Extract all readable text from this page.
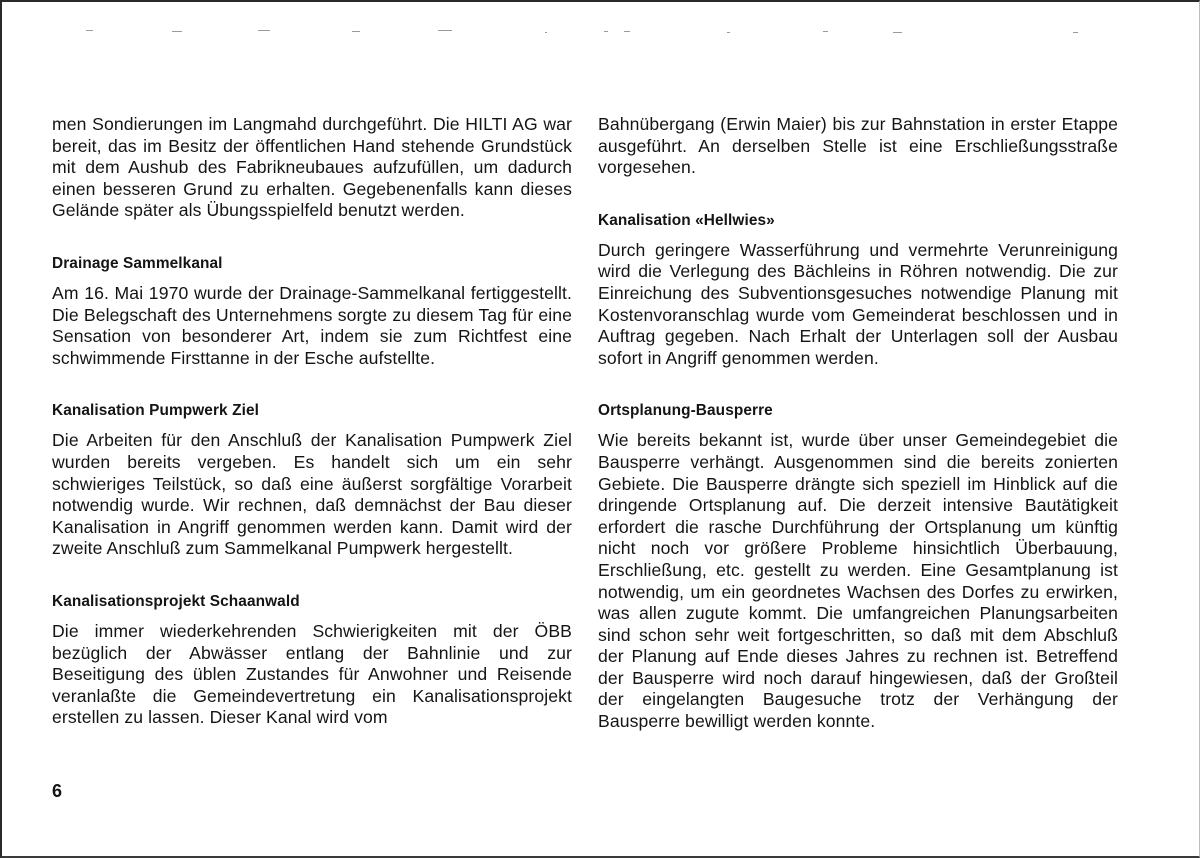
men Sondierungen im Langmahd durchgeführt. Die HILTI AG war bereit, das im Besitz der öffentlichen Hand stehende Grundstück mit dem Aushub des Fabrikneubaues aufzufüllen, um dadurch einen besseren Grund zu erhalten. Gegebenenfalls kann dieses Gelände später als Übungsspielfeld benutzt werden.

Drainage Sammelkanal

Am 16. Mai 1970 wurde der Drainage-Sammelkanal fertiggestellt. Die Belegschaft des Unternehmens sorgte zu diesem Tag für eine Sensation von besonderer Art, indem sie zum Richtfest eine schwimmende Firsttanne in der Esche aufstellte.

Kanalisation Pumpwerk Ziel

Die Arbeiten für den Anschluß der Kanalisation Pumpwerk Ziel wurden bereits vergeben. Es handelt sich um ein sehr schwieriges Teilstück, so daß eine äußerst sorgfältige Vorarbeit notwendig wurde. Wir rechnen, daß demnächst der Bau dieser Kanalisation in Angriff genommen werden kann. Damit wird der zweite Anschluß zum Sammelkanal Pumpwerk hergestellt.

Kanalisationsprojekt Schaanwald

Die immer wiederkehrenden Schwierigkeiten mit der ÖBB bezüglich der Abwässer entlang der Bahnlinie und zur Beseitigung des üblen Zustandes für Anwohner und Reisende veranlaßte die Gemeindevertretung ein Kanalisationsprojekt erstellen zu lassen. Dieser Kanal wird vom

Bahnübergang (Erwin Maier) bis zur Bahnstation in erster Etappe ausgeführt. An derselben Stelle ist eine Erschließungsstraße vorgesehen.

Kanalisation «Hellwies»

Durch geringere Wasserführung und vermehrte Verunreinigung wird die Verlegung des Bächleins in Röhren notwendig. Die zur Einreichung des Subventionsgesuches notwendige Planung mit Kostenvoranschlag wurde vom Gemeinderat beschlossen und in Auftrag gegeben. Nach Erhalt der Unterlagen soll der Ausbau sofort in Angriff genommen werden.

Ortsplanung-Bausperre

Wie bereits bekannt ist, wurde über unser Gemeindegebiet die Bausperre verhängt. Ausgenommen sind die bereits zonierten Gebiete. Die Bausperre drängte sich speziell im Hinblick auf die dringende Ortsplanung auf. Die derzeit intensive Bautätigkeit erfordert die rasche Durchführung der Ortsplanung um künftig nicht noch vor größere Probleme hinsichtlich Überbauung, Erschließung, etc. gestellt zu werden. Eine Gesamtplanung ist notwendig, um ein geordnetes Wachsen des Dorfes zu erwirken, was allen zugute kommt. Die umfangreichen Planungsarbeiten sind schon sehr weit fortgeschritten, so daß mit dem Abschluß der Planung auf Ende dieses Jahres zu rechnen ist. Betreffend der Bausperre wird noch darauf hingewiesen, daß der Großteil der eingelangten Baugesuche trotz der Verhängung der Bausperre bewilligt werden konnte.

6
